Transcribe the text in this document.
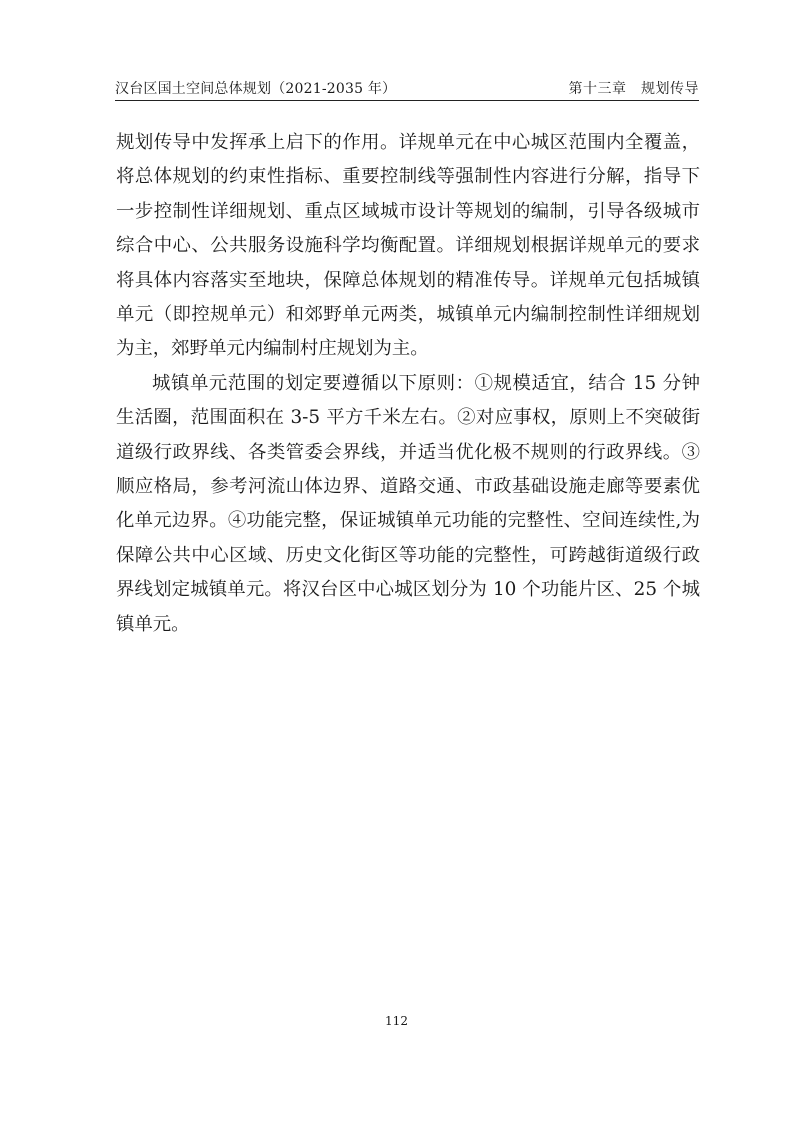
汉台区国土空间总体规划（2021-2035 年）	第十三章　规划传导

规划传导中发挥承上启下的作用。详规单元在中心城区范围内全覆盖，将总体规划的约束性指标、重要控制线等强制性内容进行分解，指导下一步控制性详细规划、重点区域城市设计等规划的编制，引导各级城市综合中心、公共服务设施科学均衡配置。详细规划根据详规单元的要求将具体内容落实至地块，保障总体规划的精准传导。详规单元包括城镇单元（即控规单元）和郊野单元两类，城镇单元内编制控制性详细规划为主，郊野单元内编制村庄规划为主。

城镇单元范围的划定要遵循以下原则：①规模适宜，结合 15 分钟生活圈，范围面积在 3-5 平方千米左右。②对应事权，原则上不突破街道级行政界线、各类管委会界线，并适当优化极不规则的行政界线。③顺应格局，参考河流山体边界、道路交通、市政基础设施走廊等要素优化单元边界。④功能完整，保证城镇单元功能的完整性、空间连续性,为保障公共中心区域、历史文化街区等功能的完整性，可跨越街道级行政界线划定城镇单元。将汉台区中心城区划分为 10 个功能片区、25 个城镇单元。

112
